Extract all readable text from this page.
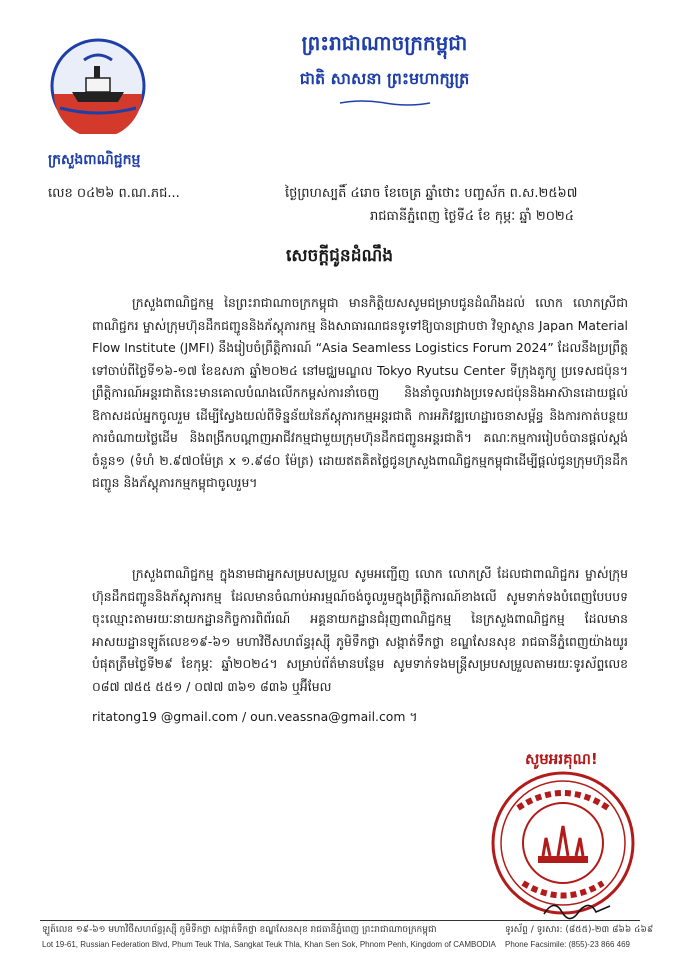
ក្រសួងពាណិជ្ជកម្ម
ព្រះរាជាណាចក្រកម្ពុជា
ជាតិ សាសនា ព្រះមហាក្សត្រ
លេខ ០៤២៦ ព.ណ.ភជ...	ថ្ងៃព្រហស្បតិ៍ ៤រោច ខែចេត្រ ឆ្នាំថោះ បញ្ចស័ក ព.ស.២៥៦៧
រាជធានីភ្នំពេញ ថ្ងៃទី៤ ខែ កុម្ភៈ ឆ្នាំ ២០២៤
សេចក្តីជូនដំណឹង
ក្រសួងពាណិជ្ជកម្ម នៃព្រះរាជាណាចក្រកម្ពុជា មានកិត្តិយសសូមជម្រាបជូនដំណឹងដល់ លោក លោកស្រីជាពាណិជ្ជករ ម្ចាស់ក្រុមហ៊ុនដឹកជញ្ជូននិងភ័ស្តុភារកម្ម និងសាធារណជនទូទៅឱ្យបានជ្រាបថា វិទ្យាស្ថាន Japan Material Flow Institute (JMFI) នឹងរៀបចំព្រឹត្តិការណ៍ “Asia Seamless Logistics Forum 2024” ដែលនឹងប្រព្រឹត្តទៅចាប់ពីថ្ងៃទី១៦-១៧ ខែឧសភា ឆ្នាំ២០២៤ នៅមជ្ឈមណ្ឌល Tokyo Ryutsu Center ទីក្រុងតូក្យូ ប្រទេសជប៉ុន។ ព្រឹត្តិការណ៍អន្តរជាតិនេះមានគោលបំណងលើកកម្ពស់ការនាំចេញ និងនាំចូលរវាងប្រទេសជប៉ុននិងអាស៊ានដោយផ្តល់ឱកាសដល់អ្នកចូលរួម ដើម្បីស្វែងយល់ពីទិន្នន័យនៃភ័ស្តុភារកម្មអន្តរជាតិ ការអភិវឌ្ឍហេដ្ឋារចនាសម្ព័ន្ធ និងការកាត់បន្ថយការចំណាយថ្លៃដើម និងពង្រីកបណ្តាញអាជីវកម្មជាមួយក្រុមហ៊ុនដឹកជញ្ជូនអន្តរជាតិ។ គណៈកម្មការរៀបចំបានផ្តល់ស្តង់ចំនួន១ (ទំហំ ២.៩៧០ម៉ែត្រ x ១.៩៨០ ម៉ែត្រ) ដោយឥតគិតថ្លៃជូនក្រសួងពាណិជ្ជកម្មកម្ពុជាដើម្បីផ្តល់ជូនក្រុមហ៊ុនដឹកជញ្ជូន និងភ័ស្តុភារកម្មកម្ពុជាចូលរួម។
ក្រសួងពាណិជ្ជកម្ម ក្នុងនាមជាអ្នកសម្របសម្រួល សូមអញ្ជើញ លោក លោកស្រី ដែលជាពាណិជ្ជករ ម្ចាស់ក្រុមហ៊ុនដឹកជញ្ជូននិងភ័ស្តុភារកម្ម ដែលមានចំណាប់អារម្មណ៍ចង់ចូលរួមក្នុងព្រឹត្តិការណ៍ខាងលើ សូមទាក់ទងបំពេញបែបបទចុះឈ្មោះតាមរយៈនាយកដ្ឋានកិច្ចការពិព័រណ៍ អគ្គនាយកដ្ឋានជំរុញពាណិជ្ជកម្ម នៃក្រសួងពាណិជ្ជកម្ម ដែលមានអាសយដ្ឋានឡូត៍លេខ១៩-៦១ មហាវិថីសហព័ន្ធរុស្ស៊ី ភូមិទឹកថ្លា សង្កាត់ទឹកថ្លា ខណ្ឌសែនសុខ រាជធានីភ្នំពេញយ៉ាងយូរបំផុតត្រឹមថ្ងៃទី២៩ ខែកុម្ភៈ ឆ្នាំ២០២៤។ សម្រាប់ព័ត៌មានបន្ថែម សូមទាក់ទងមន្ត្រីសម្របសម្រួលតាមរយៈទូរស័ព្ទលេខ ០៨៧ ៧៥៥ ៥៥១ / ០៧៧ ៣៦១ ៨៣៦ ឬអ៊ីមែល
ritatong19 @gmail.com / oun.veassna@gmail.com ។
សូមអរគុណ!
ឡូត៍លេខ ១៩-៦១ មហាវិថីសហព័ន្ធរុស្ស៊ី ភូមិទឹកថ្លា សង្កាត់ទឹកថ្លា ខណ្ឌសែនសុខ រាជធានីភ្នំពេញ ព្រះរាជាណាចក្រកម្ពុជា	ទូរស័ព្ទ / ទូរសារ: (៨៥៥)-២៣ ៨៦៦ ៤៦៩
Lot 19-61, Russian Federation Blvd, Phum Teuk Thla, Sangkat Teuk Thla, Khan Sen Sok, Phnom Penh, Kingdom of CAMBODIA Phone Facsimile: (855)-23 866 469
